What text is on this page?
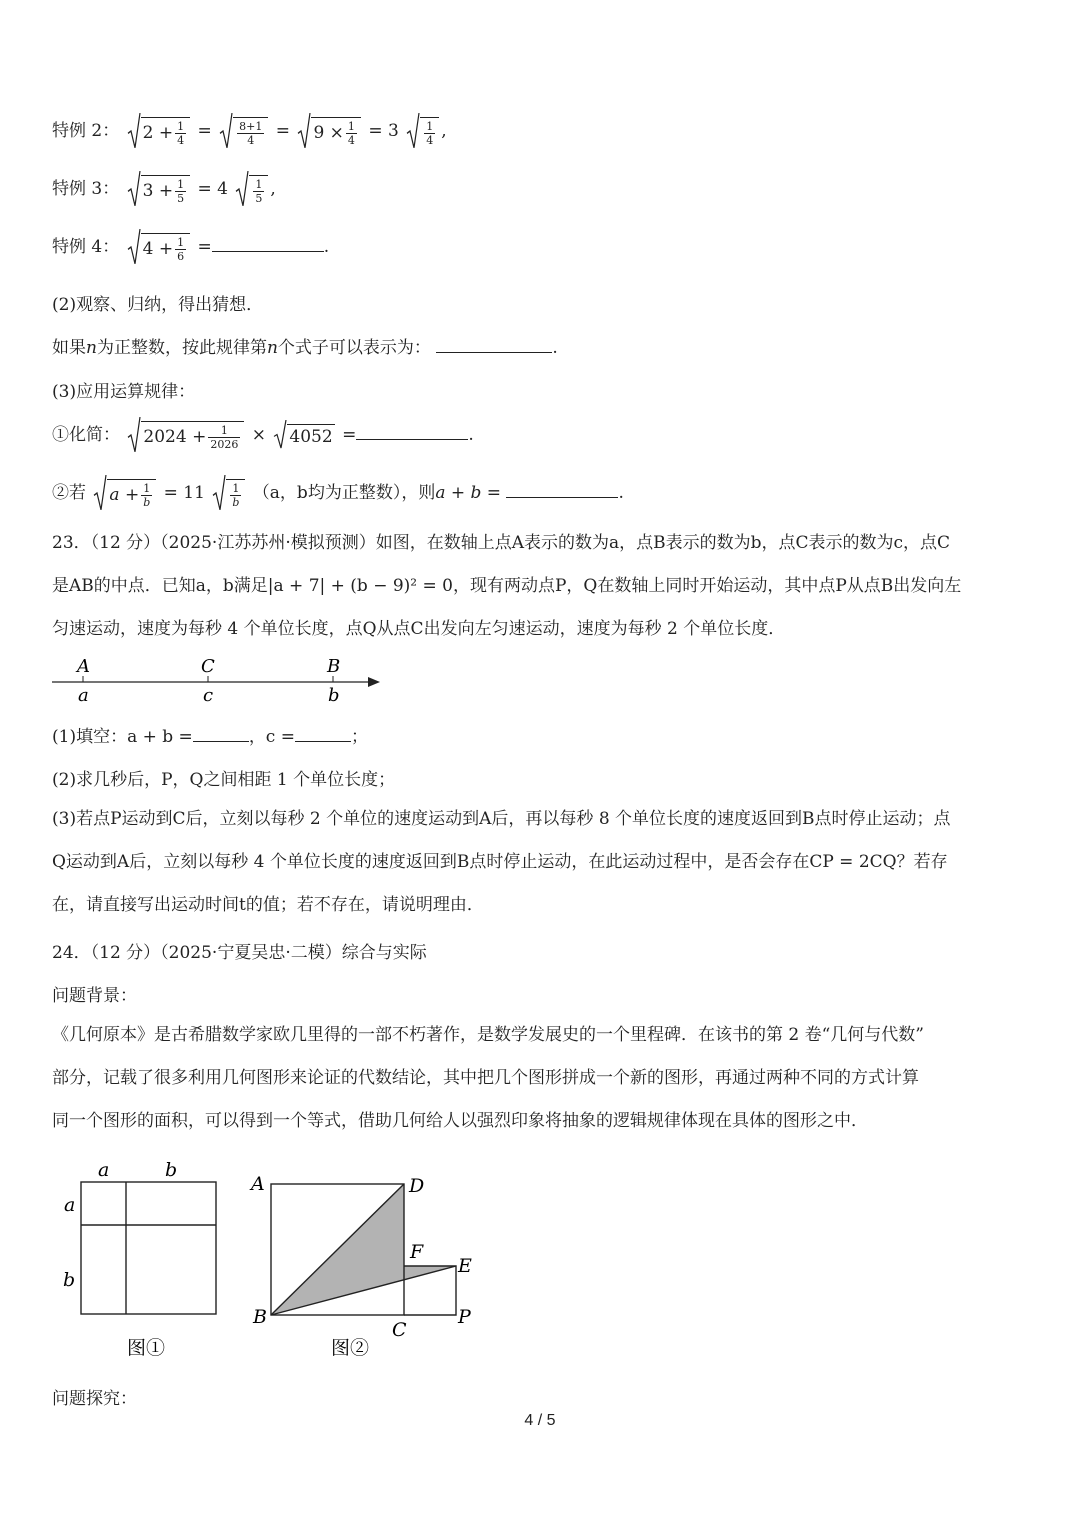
特例 2： $2 + \frac{1}{4} = \frac{8+1}{4} = 9 \times \frac{1}{4} = 3 \frac{1}{4}$ ,
特例 3： $3 + \frac{1}{5} = 4 \frac{1}{5}$ ,
特例 4： $4 + \frac{1}{6}$ =	.
(2)观察、归纳，得出猜想．
如果n为正整数，按此规律第n个式子可以表示为：	.
(3)应用运算规律：
①化简： $2024 + \frac{1}{2026} \times 4052$ =	.
②若 $a + \frac{1}{b} = 11 \frac{1}{b} (a$，b均为正整数），则a + b =	.
23．（12 分）（2025·江苏苏州·模拟预测）如图，在数轴上点A表示的数为a，点B表示的数为b，点C表示的数为c，点C
是AB的中点．已知a，b满足|a + 7| + (b − 9)² = 0，现有两动点P，Q在数轴上同时开始运动，其中点P从点B出发向左
匀速运动，速度为每秒 4 个单位长度，点Q从点C出发向左匀速运动，速度为每秒 2 个单位长度．
A	C	B
a	c	b
(1)填空：a + b =	，c =	；
(2)求几秒后，P，Q之间相距 1 个单位长度；
(3)若点P运动到C后，立刻以每秒 2 个单位的速度运动到A后，再以每秒 8 个单位长度的速度返回到B点时停止运动；点
Q运动到A后，立刻以每秒 4 个单位长度的速度返回到B点时停止运动，在此运动过程中，是否会存在CP = 2CQ？若存
在，请直接写出运动时间t的值；若不存在，请说明理由．
24．（12 分）（2025·宁夏吴忠·二模）综合与实际
问题背景：
《几何原本》是古希腊数学家欧几里得的一部不朽著作，是数学发展史的一个里程碑．在该书的第 2 卷“几何与代数”
部分，记载了很多利用几何图形来论证的代数结论，其中把几个图形拼成一个新的图形，再通过两种不同的方式计算
同一个图形的面积，可以得到一个等式，借助几何给人以强烈印象将抽象的逻辑规律体现在具体的图形之中．
a	b
a
b
图①
A	D
F
E
B
C
P
图②
问题探究：
4 / 5
